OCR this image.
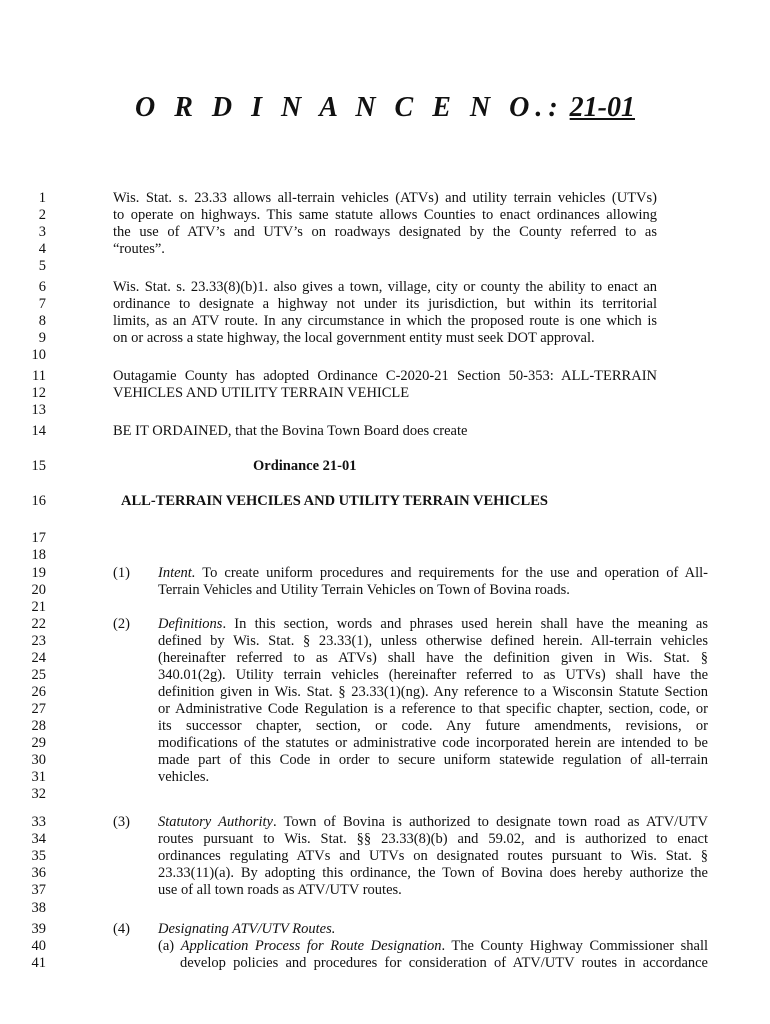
O R D I N A N C E N O.: 21-01
1
2
3
4
5
6
7
8
9
10
11
12
13
14
15
16
17
18
19
20
21
22
23
24
25
26
27
28
29
30
31
32
33
34
35
36
37
38
39
40
41
Wis. Stat. s. 23.33 allows all-terrain vehicles (ATVs) and utility terrain vehicles (UTVs)
to operate on highways. This same statute allows Counties to enact ordinances allowing
the use of ATV’s and UTV’s on roadways designated by the County referred to as
“routes”.
Wis. Stat. s. 23.33(8)(b)1. also gives a town, village, city or county the ability to enact an
ordinance to designate a highway not under its jurisdiction, but within its territorial
limits, as an ATV route. In any circumstance in which the proposed route is one which is
on or across a state highway, the local government entity must seek DOT approval.
Outagamie County has adopted Ordinance C-2020-21 Section 50-353: ALL-TERRAIN
VEHICLES AND UTILITY TERRAIN VEHICLE
BE IT ORDAINED, that the Bovina Town Board does create
Ordinance 21-01
ALL-TERRAIN VEHCILES AND UTILITY TERRAIN VEHICLES
(1) Intent. To create uniform procedures and requirements for the use and operation of All-
Terrain Vehicles and Utility Terrain Vehicles on Town of Bovina roads.
(2) Definitions. In this section, words and phrases used herein shall have the meaning as
defined by Wis. Stat. § 23.33(1), unless otherwise defined herein. All-terrain vehicles
(hereinafter referred to as ATVs) shall have the definition given in Wis. Stat. §
340.01(2g). Utility terrain vehicles (hereinafter referred to as UTVs) shall have the
definition given in Wis. Stat. § 23.33(1)(ng). Any reference to a Wisconsin Statute Section
or Administrative Code Regulation is a reference to that specific chapter, section, code, or
its successor chapter, section, or code. Any future amendments, revisions, or
modifications of the statutes or administrative code incorporated herein are intended to be
made part of this Code in order to secure uniform statewide regulation of all-terrain
vehicles.
(3) Statutory Authority. Town of Bovina is authorized to designate town road as ATV/UTV
routes pursuant to Wis. Stat. §§ 23.33(8)(b) and 59.02, and is authorized to enact
ordinances regulating ATVs and UTVs on designated routes pursuant to Wis. Stat. §
23.33(11)(a). By adopting this ordinance, the Town of Bovina does hereby authorize the
use of all town roads as ATV/UTV routes.
(4) Designating ATV/UTV Routes.
(a) Application Process for Route Designation. The County Highway Commissioner shall
develop policies and procedures for consideration of ATV/UTV routes in accordance
